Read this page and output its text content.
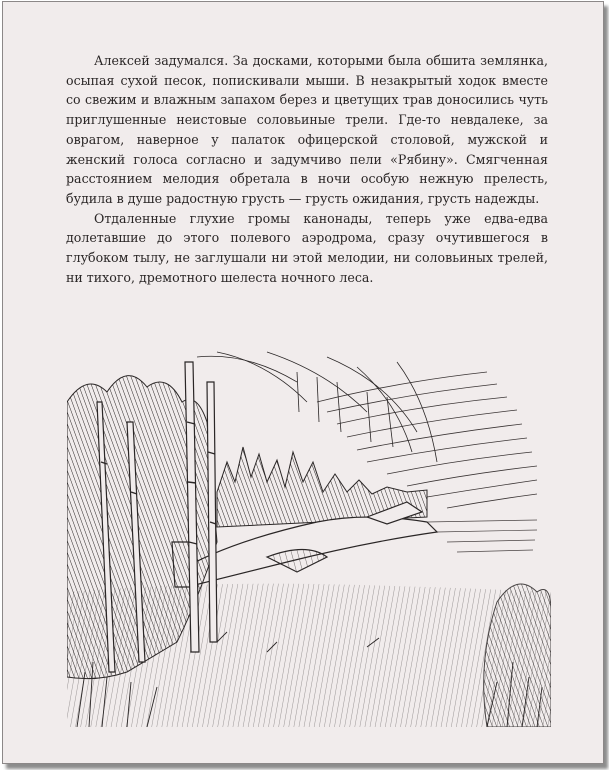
Алексей задумался. За досками, которыми была обшита землянка, осыпая сухой песок, попискивали мыши. В незакрытый ходок вместе со свежим и влажным запахом берез и цветущих трав доносились чуть приглушенные неистовые соловьиные трели. Где-то невдалеке, за оврагом, наверное у палаток офицерской столовой, мужской и женский голоса согласно и задумчиво пели «Рябину». Смягченная расстоянием мелодия обретала в ночи особую нежную прелесть, будила в душе радостную грусть — грусть ожидания, грусть надежды.

Отдаленные глухие громы канонады, теперь уже едва-едва долетавшие до этого полевого аэродрома, сразу очутившегося в глубоком тылу, не заглушали ни этой мелодии, ни соловьиных трелей, ни тихого, дремотного шелеста ночного леса.
